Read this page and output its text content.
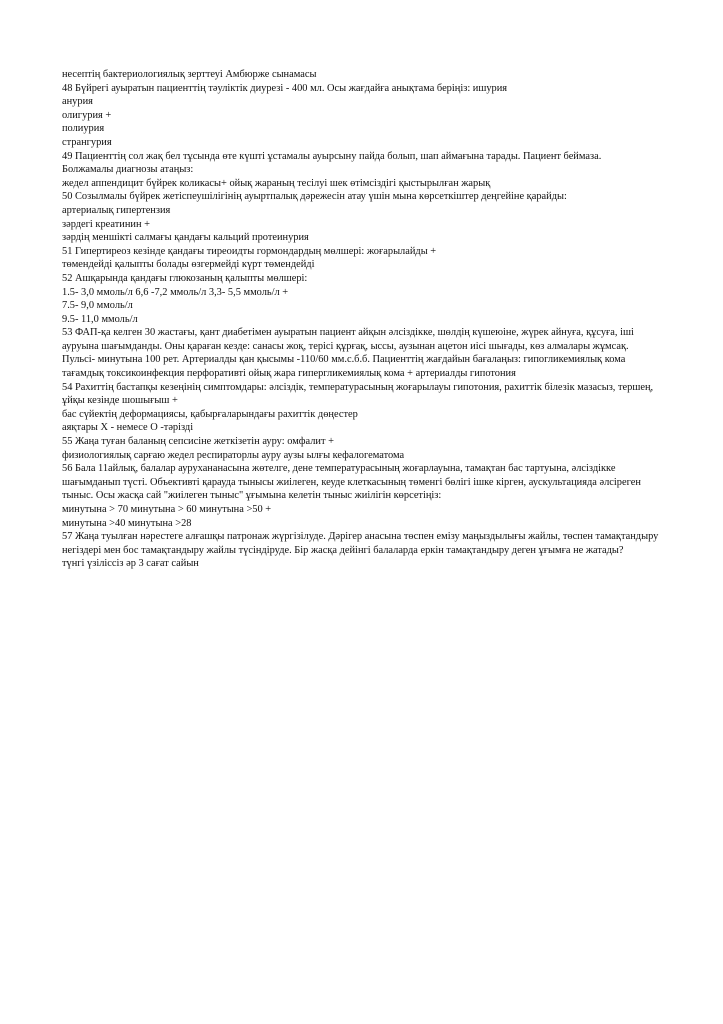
несептің бактериологиялық зерттеуі Амбюрже сынамасы
48 Бүйрегі ауыратын пациенттің тәуліктік диурезі - 400 мл. Осы жағдайға анықтама беріңіз: ишурия
анурия
олигурия +
полиурия
странгурия
49 Пациенттің сол жақ бел тұсында өте күшті ұстамалы ауырсыну пайда болып, шап аймағына тарады. Пациент беймаза.
Болжамалы диагнозы атаңыз:
жедел аппендицит бүйрек коликасы+ ойық жараның тесілуі шек өтімсіздігі қыстырылған жарық
50 Созылмалы бүйрек жетіспеушілігінің ауыртпалық дәрежесін атау үшін мына көрсеткіштер деңгейіне қарайды:
артериалық гипертензия
зәрдегі креатинин +
зәрдің меншікті салмағы қандағы кальций протеинурия
51 Гипертиреоз кезінде қандағы тиреоидты гормондардың мөлшері: жоғарылайды +
төмендейді қалыпты болады өзгермейді күрт төмендейді
52 Ашқарында қандағы глюкозаның қалыпты мөлшері:
1.5- 3,0 ммоль/л 6,6 -7,2 ммоль/л 3,3- 5,5 ммоль/л +
7.5- 9,0 ммоль/л
9.5- 11,0 ммоль/л
53 ФАП-қа келген 30 жастағы, қант диабетімен ауыратын пациент айқын әлсіздікке, шөлдің күшеюіне, жүрек айнуға, құсуға, іші ауруына шағымданды. Оны қараған кезде: санасы жоқ, терісі құрғақ, ыссы, аузынан ацетон иісі шығады, көз алмалары жұмсақ. Пульсі- минутына 100 рет. Артериалды қан қысымы -110/60 мм.с.б.б. Пациенттің жағдайын бағалаңыз: гипогликемиялық кома тағамдық токсикоинфекция перфоративті ойық жара гипергликемиялық кома + артериалды гипотония
54 Рахиттің бастапқы кезеңінің симптомдары: әлсіздік, температурасының жоғарылауы гипотония, рахиттік білезік мазасыз, тершең, ұйқы кезінде шошығыш +
бас сүйектің деформациясы, қабырғаларындағы рахиттік дөңестер
аяқтары Х - немесе О -тәрізді
55 Жаңа туған баланың сепсисіне жеткізетін ауру: омфалит +
физиологиялық сарғаю жедел респираторлы ауру аузы ылғы кефалогематома
56 Бала 11айлық, балалар аурухананасына жөтелге, дене температурасының жоғарлауына, тамақтан бас тартуына, әлсіздікке шағымданып түсті. Объективті қарауда тынысы жиілеген, кеуде клеткасының төменгі бөлігі ішке кірген, аускультацияда әлсіреген тыныс. Осы жасқа сай "жиілеген тыныс" ұғымына келетін тыныс жиілігін көрсетіңіз:
минутына > 70 минутына > 60 минутына >50 +
минутына >40 минутына >28
57 Жаңа туылған нәрестеге алғашқы патронаж жүргізілуде. Дәрігер анасына төспен емізу маңыздылығы жайлы, төспен тамақтандыру негіздері мен бос тамақтандыру жайлы түсіндіруде. Бір жасқа дейінгі балаларда еркін тамақтандыру деген ұғымға не жатады?
түнгі үзіліссіз әр 3 сағат сайын
